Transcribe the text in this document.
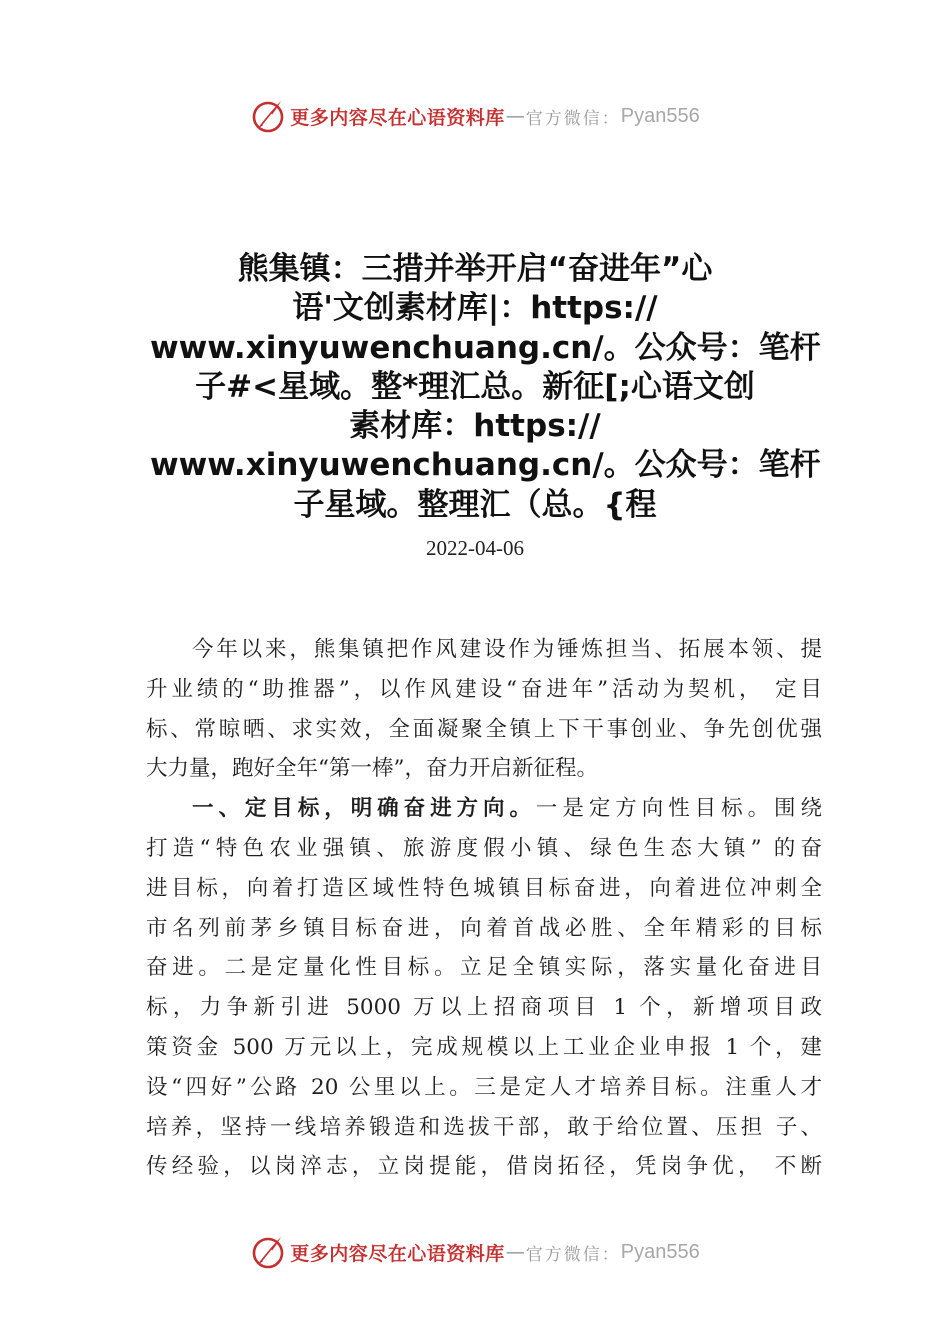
更多内容尽在心语资料库 — 官方微信： Pyan556
熊集镇：三措并举开启“奋进年”心
语'文创素材库|：https://
www.xinyuwenchuang.cn/。公众号：笔杆
子#<星域。整*理汇总。新征[;心语文创
素材库：https://
www.xinyuwenchuang.cn/。公众号：笔杆
子星域。整理汇（总。{程
2022-04-06
今年以来，熊集镇把作风建设作为锤炼担当、拓展本领、提
升业绩的“助推器”，以作风建设“奋进年”活动为契机， 定目
标、常晾晒、求实效，全面凝聚全镇上下干事创业、争先创优强
大力量，跑好全年“第一棒”，奋力开启新征程。
一、定目标，明确奋进方向。一是定方向性目标。围绕
打造“特色农业强镇、旅游度假小镇、绿色生态大镇” 的奋
进目标，向着打造区域性特色城镇目标奋进，向着进位冲刺全
市名列前茅乡镇目标奋进，向着首战必胜、全年精彩的目标
奋进。二是定量化性目标。立足全镇实际，落实量化奋进目
标，力争新引进 5000 万以上招商项目 1 个，新增项目政
策资金 500 万元以上，完成规模以上工业企业申报 1 个，建
设“四好”公路 20 公里以上。三是定人才培养目标。注重人才
培养，坚持一线培养锻造和选拔干部，敢于给位置、压担 子、
传经验，以岗淬志，立岗提能，借岗拓径，凭岗争优， 不断
更多内容尽在心语资料库 — 官方微信： Pyan556
